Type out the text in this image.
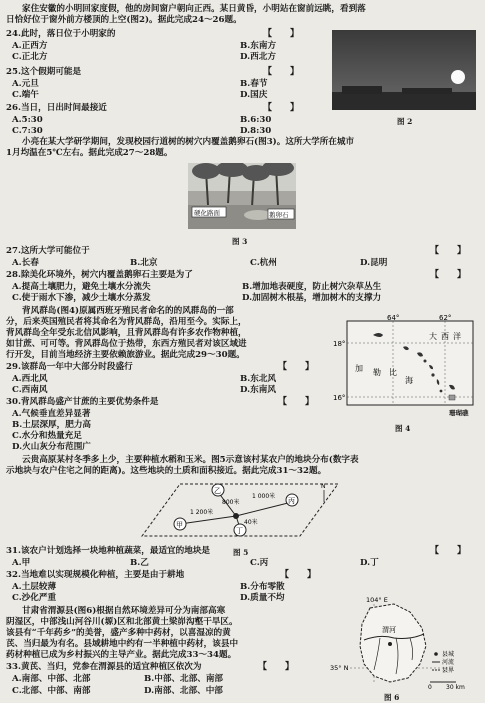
家住安徽的小明回家度假，他的房间窗户朝向正西。某日黄昏，小明站在窗前远眺，看到落
日恰好位于窗外前方楼顶的上空(图2)。据此完成24～26题。
24.此时，落日位于小明家的	【　　】
A.正西方	B.东南方
C.正北方	D.西北方
25.这个假期可能是	【　　】
A.元旦	B.春节
C.端午	D.国庆
26.当日，日出时间最接近	【　　】
A.5:30	B.6:30
C.7:30	D.8:30
图 2
小亮在某大学研学期间，发现校园行道树的树穴内覆盖鹅卵石(图3)。这所大学所在城市
1月均温在5℃左右。据此完成27～28题。
硬化路面	鹅卵石
图 3
27.这所大学可能位于	【　　】
A.长春	B.北京	C.杭州	D.昆明
28.除美化环境外，树穴内覆盖鹅卵石主要是为了	【　　】
A.提高土壤肥力，避免土壤水分流失	B.增加地表硬度，防止树穴杂草丛生
C.使于雨水下渗，减少土壤水分蒸发	D.加固树木根基，增加树木的支撑力
背风群岛(图4)原属西班牙殖民者命名的的风群岛的一部
分，后来英国殖民者将其命名为背风群岛，沿用至今。实际上，
背风群岛全年受东北信风影响，且背风群岛有许多农作物种植，
如甘蔗、可可等。背风群岛位于热带，东西方殖民者对该区域进
行开发，目前当地经济主要依赖旅游业。据此完成29～30题。
29.该群岛一年中大部分时段盛行	【　　】
A.西北风	B.东北风
C.西南风	D.东南风
30.背风群岛盛产甘蔗的主要优势条件是	【　　】
A.气候垂直差异显著
B.土层深厚，肥力高
C.水分和热量充足
D.火山灰分布范围广
64°	62°
18°
16°
大 西 洋
加 勒 比
海
珊瑚礁
图 4
云贵高原某村冬季多上少，主要种植水稻和玉米。图5示意该村某农户的地块分布(数字表
示地块与农户住宅之间的距离)。这些地块的土质和面积接近。据此完成31～32题。
乙
丙
甲
丁
800米
1 000米
1 200米
40米
N
图 5
31.该农户计划选择一块地种植蔬菜，最适宜的地块是	【　　】
A.甲	B.乙	C.丙	D.丁
32.当地难以实现规模化种植，主要是由于耕地	【　　】
A.土层较薄	B.分布零散
C.沙化严重	D.质量不均
甘肃省渭源县(图6)根据自然环境差异可分为南部高寒
阴湿区，中部浅山河谷川(塬)区和北部黄土梁峁沟壑干旱区。
该县有“千年药乡”的美誉，盛产多种中药材，以喜湿凉的黄
芪、当归最为有名。县域耕地中约有一半种植中药材，该县中
药材种植已成为乡村振兴的主导产业。据此完成33～34题。
33.黄芪、当归，党参在渭源县的适宜种植区依次为	【　　】
A.南部、中部、北部	B.中部、北部、南部
C.北部、中部、南部	D.南部、北部、中部
104° E
35° N
渭河
县城
河流
县界
0 30 km
图 6
